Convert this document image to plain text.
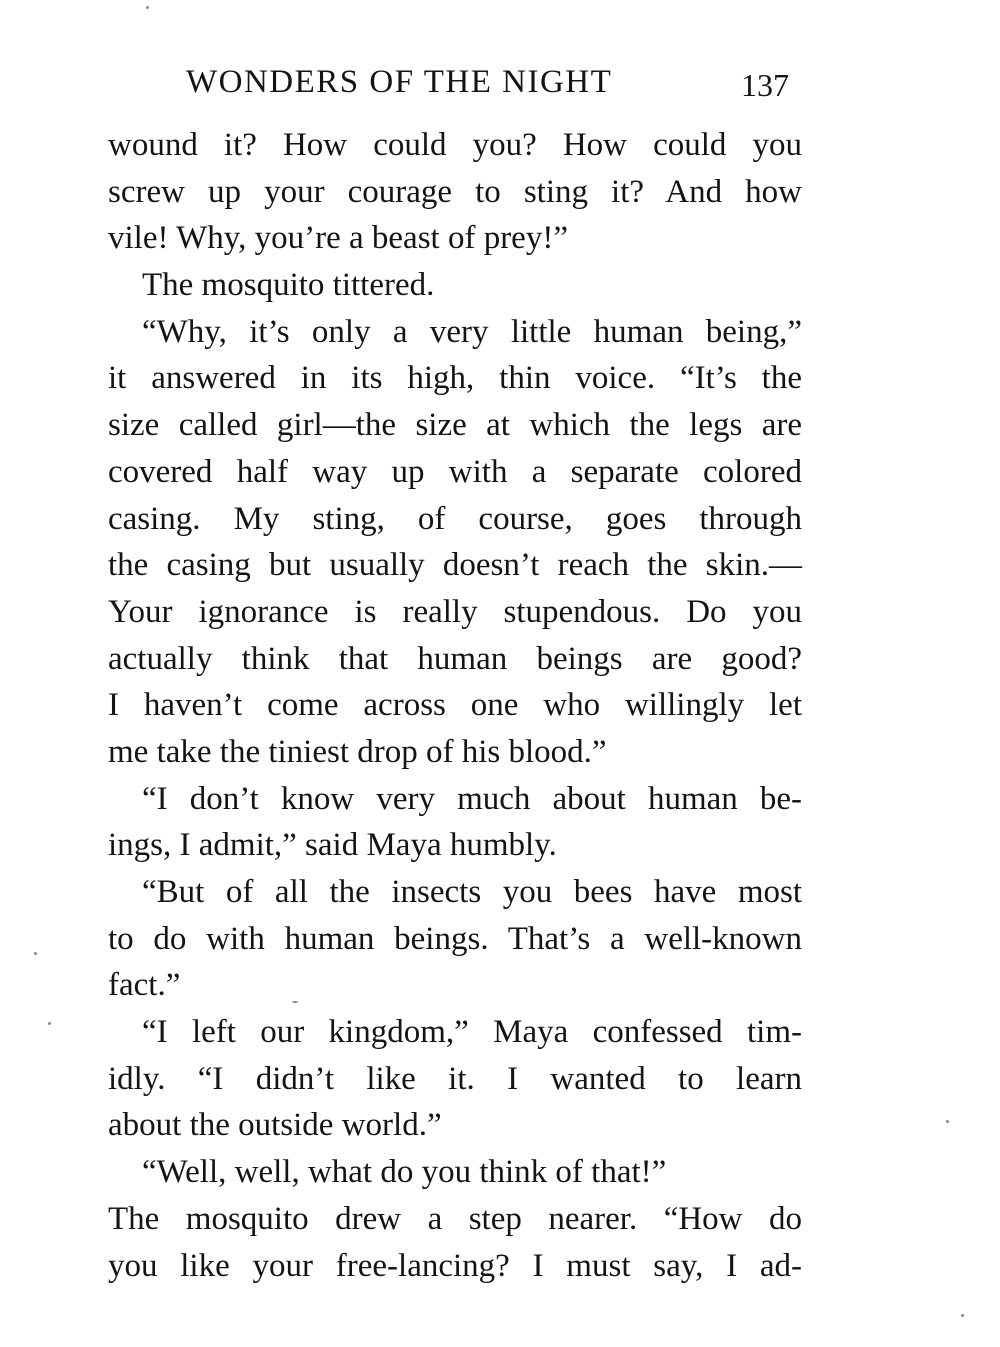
WONDERS OF THE NIGHT	137
wound it? How could you? How could you
screw up your courage to sting it? And how
vile! Why, you’re a beast of prey!”
The mosquito tittered.
“Why, it’s only a very little human being,”
it answered in its high, thin voice. “It’s the
size called girl—the size at which the legs are
covered half way up with a separate colored
casing. My sting, of course, goes through
the casing but usually doesn’t reach the skin.—
Your ignorance is really stupendous. Do you
actually think that human beings are good?
I haven’t come across one who willingly let
me take the tiniest drop of his blood.”
“I don’t know very much about human be-
ings, I admit,” said Maya humbly.
“But of all the insects you bees have most
to do with human beings. That’s a well-known
fact.”
“I left our kingdom,” Maya confessed tim-
idly. “I didn’t like it. I wanted to learn
about the outside world.”
“Well, well, what do you think of that!”
The mosquito drew a step nearer. “How do
you like your free-lancing? I must say, I ad-
